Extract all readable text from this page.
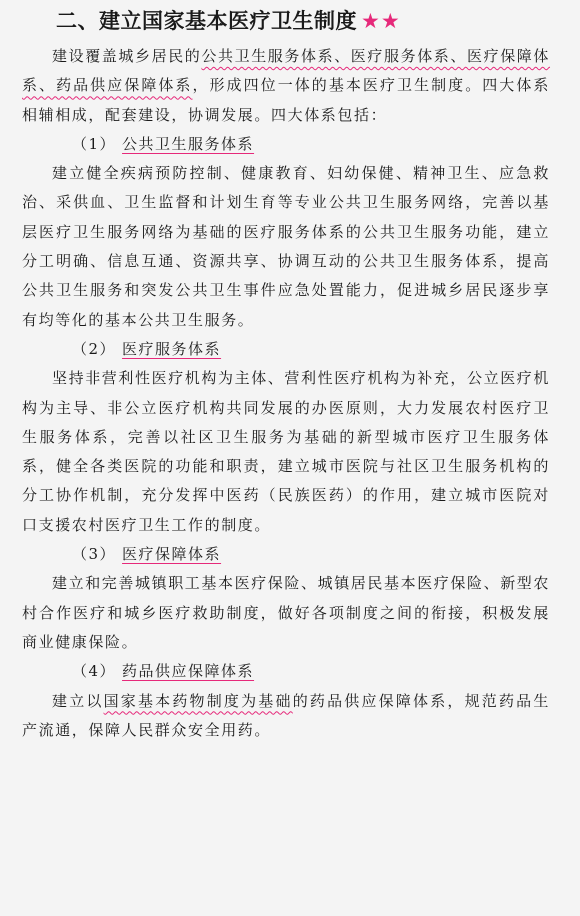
二、建立国家基本医疗卫生制度 ★★

建设覆盖城乡居民的公共卫生服务体系、医疗服务体系、医疗保障体系、药品供应保障体系，形成四位一体的基本医疗卫生制度。四大体系相辅相成，配套建设，协调发展。四大体系包括：

（1） 公共卫生服务体系

建立健全疾病预防控制、健康教育、妇幼保健、精神卫生、应急救治、采供血、卫生监督和计划生育等专业公共卫生服务网络，完善以基层医疗卫生服务网络为基础的医疗服务体系的公共卫生服务功能，建立分工明确、信息互通、资源共享、协调互动的公共卫生服务体系，提高公共卫生服务和突发公共卫生事件应急处置能力，促进城乡居民逐步享有均等化的基本公共卫生服务。

（2） 医疗服务体系

坚持非营利性医疗机构为主体、营利性医疗机构为补充，公立医疗机构为主导、非公立医疗机构共同发展的办医原则，大力发展农村医疗卫生服务体系，完善以社区卫生服务为基础的新型城市医疗卫生服务体系，健全各类医院的功能和职责，建立城市医院与社区卫生服务机构的分工协作机制，充分发挥中医药（民族医药）的作用，建立城市医院对口支援农村医疗卫生工作的制度。

（3） 医疗保障体系

建立和完善城镇职工基本医疗保险、城镇居民基本医疗保险、新型农村合作医疗和城乡医疗救助制度，做好各项制度之间的衔接，积极发展商业健康保险。

（4） 药品供应保障体系

建立以国家基本药物制度为基础的药品供应保障体系，规范药品生产流通，保障人民群众安全用药。
